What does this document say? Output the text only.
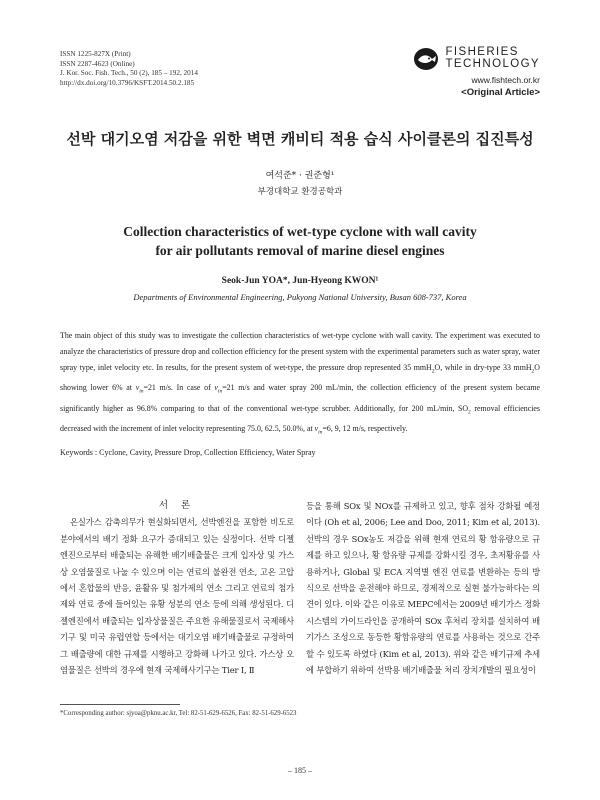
ISSN 1225-827X (Print)
ISSN 2287-4623 (Online)
J. Kor. Soc. Fish. Tech., 50 (2), 185 – 192, 2014
http://dx.doi.org/10.3796/KSFT.2014.50.2.185
FISHERIES
TECHNOLOGY
www.fishtech.or.kr
<Original Article>
선박 대기오염 저감을 위한 벽면 캐비티 적용 습식 사이클론의 집진특성
여석준* · 권준형¹
부경대학교 환경공학과
Collection characteristics of wet-type cyclone with wall cavity
for air pollutants removal of marine diesel engines
Seok-Jun YOA*, Jun-Hyeong KWON¹
Departments of Environmental Engineering, Pukyong National University, Busan 608-737, Korea
The main object of this study was to investigate the collection characteristics of wet-type cyclone with wall cavity. The experiment was executed to analyze the characteristics of pressure drop and collection efficiency for the present system with the experimental parameters such as water spray, water spray type, inlet velocity etc. In results, for the present system of wet-type, the pressure drop represented 35 mmH$_2$O, while in dry-type 33 mmH$_2$O showing lower 6% at $v_{in}=21$ m/s. In case of $v_{in}=21$ m/s and water spray 200 mL/min, the collection efficiency of the present system became significantly higher as 96.8% comparing to that of the conventional wet-type scrubber. Additionally, for 200 mL/min, $SO_2$ removal efficiencies decreased with the increment of inlet velocity representing 75.0, 62.5, 50.0%, at $v_{in}=6$, 9, 12 m/s, respectively.
Keywords : Cyclone, Cavity, Pressure Drop, Collection Efficiency, Water Spray
서 론
온실가스 감축의무가 현실화되면서, 선박엔진을 포함한 비도로 분야에서의 배기 정화 요구가 증대되고 있는 실정이다. 선박 디젤엔진으로부터 배출되는 유해한 배기배출물은 크게 입자상 및 가스상 오염물질로 나눌 수 있으며 이는 연료의 불완전 연소, 고온 고압에서 혼합물의 반응, 윤활유 및 첨가제의 연소 그리고 연료의 첨가제와 연료 중에 들어있는 유황 성분의 연소 등에 의해 생성된다. 디젤엔진에서 배출되는 입자상물질은 주요한 유해물질로서 국제해사기구 및 미국 유럽연합 등에서는 대기오염 배기배출물로 규정하여 그 배출량에 대한 규제를 시행하고 강화해 나가고 있다. 가스상 오염물질은 선박의 경우에 현재 국제해사기구는 Tier Ⅰ, Ⅱ
등을 통해 SOx 및 NOx를 규제하고 있고, 향후 점차 강화될 예정이다 (Oh et al, 2006; Lee and Doo, 2011; Kim et al, 2013). 선박의 경우 SOx농도 저감을 위해 현재 연료의 황 함유량으로 규제를 하고 있으나, 황 함유량 규제를 강화시킬 경우, 초저황유를 사용하거나, Global 및 ECA 지역별 엔진 연료를 변환하는 등의 방식으로 선박을 운전해야 하므로, 경제적으로 실현 불가능하다는 의견이 있다. 이와 같은 이유로 MEPC에서는 2009년 배기가스 정화시스템의 가이드라인을 공개하여 SOx 후처리 장치를 설치하여 배기가스 조성으로 동등한 황함유량의 연료를 사용하는 것으로 간주할 수 있도록 하였다 (Kim et al, 2013). 위와 같은 배기규제 추세에 부합하기 위하여 선박용 배기배출물 처리 장치개발의 필요성이
*Corresponding author: sjyoa@pknu.ac.kr, Tel: 82-51-629-6526, Fax: 82-51-629-6523
– 185 –
